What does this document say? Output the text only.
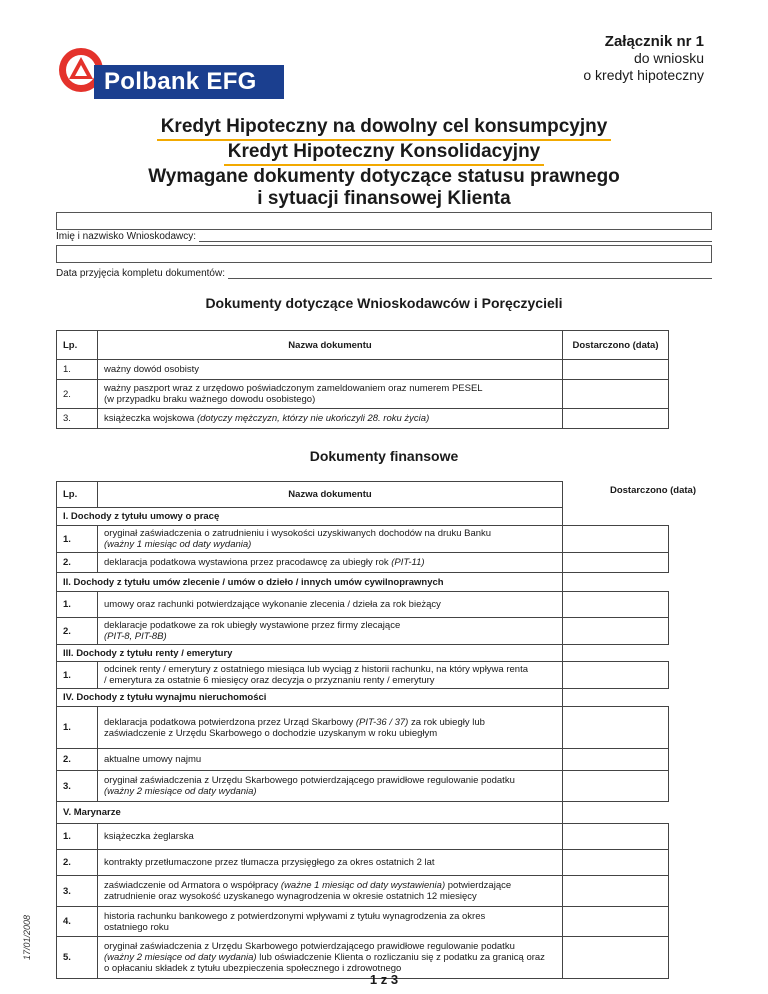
Polbank EFG
Załącznik nr 1
do wniosku
o kredyt hipoteczny
Kredyt Hipoteczny na dowolny cel konsumpcyjny
Kredyt Hipoteczny Konsolidacyjny
Wymagane dokumenty dotyczące statusu prawnego
i sytuacji finansowej Klienta
Imię i nazwisko Wnioskodawcy:
Data przyjęcia kompletu dokumentów:
Dokumenty dotyczące Wnioskodawców i Poręczycieli
Lp.	Nazwa dokumentu	Dostarczono (data)
1.	ważny dowód osobisty	
2.	ważny paszport wraz z urzędowo poświadczonym zameldowaniem oraz numerem PESEL
(w przypadku braku ważnego dowodu osobistego)	

3.	książeczka wojskowa (dotyczy mężczyzn, którzy nie ukończyli 28. roku życia)	
Dokumenty finansowe
Dostarczono (data)
Lp.	Nazwa dokumentu	
I. Dochody z tytułu umowy o pracę		
1.	oryginał zaświadczenia o zatrudnieniu i wysokości uzyskiwanych dochodów na druku Banku
(ważny 1 miesiąc od daty wydania)	

2.	deklaracja podatkowa wystawiona przez pracodawcę za ubiegły rok (PIT-11)	
II. Dochody z tytułu umów zlecenie / umów o dzieło / innych umów cywilnoprawnych		
1.	umowy oraz rachunki potwierdzające wykonanie zlecenia / dzieła za rok bieżący	
2.	deklaracje podatkowe za rok ubiegły wystawione przez firmy zlecające
(PIT-8, PIT-8B)	

III. Dochody z tytułu renty / emerytury		
1.	odcinek renty / emerytury z ostatniego miesiąca lub wyciąg z historii rachunku, na który wpływa renta
/ emerytura za ostatnie 6 miesięcy oraz decyzja o przyznaniu renty / emerytury	

IV. Dochody z tytułu wynajmu nieruchomości		
1.	deklaracja podatkowa potwierdzona przez Urząd Skarbowy (PIT-36 / 37) za rok ubiegły lub
zaświadczenie z Urzędu Skarbowego o dochodzie uzyskanym w roku ubiegłym	

2.	aktualne umowy najmu	
3.	oryginał zaświadczenia z Urzędu Skarbowego potwierdzającego prawidłowe regulowanie podatku
(ważny 2 miesiące od daty wydania)	

V. Marynarze		
1.	książeczka żeglarska	
2.	kontrakty przetłumaczone przez tłumacza przysięgłego za okres ostatnich 2 lat	
3.	zaświadczenie od Armatora o współpracy (ważne 1 miesiąc od daty wystawienia) potwierdzające
zatrudnienie oraz wysokość uzyskanego wynagrodzenia w okresie ostatnich 12 miesięcy	

4.	historia rachunku bankowego z potwierdzonymi wpływami z tytułu wynagrodzenia za okres
ostatniego roku	

5.	oryginał zaświadczenia z Urzędu Skarbowego potwierdzającego prawidłowe regulowanie podatku
(ważny 2 miesiące od daty wydania) lub oświadczenie Klienta o rozliczaniu się z podatku za granicą oraz
o opłacaniu składek z tytułu ubezpieczenia społecznego i zdrowotnego	

17/01/2008
1 z 3
